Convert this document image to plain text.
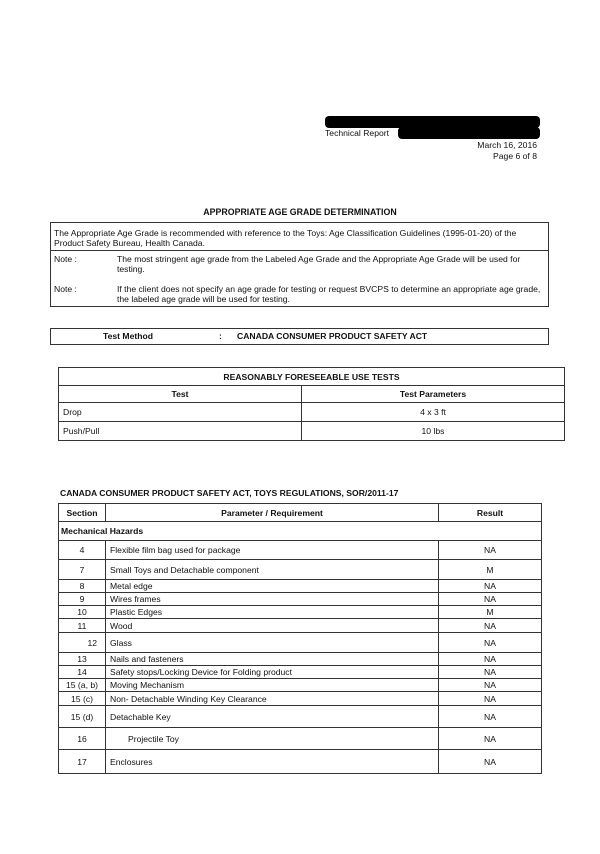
Technical Report
March 16, 2016
Page 6 of 8
APPROPRIATE AGE GRADE DETERMINATION
The Appropriate Age Grade is recommended with reference to the Toys: Age Classification Guidelines (1995-01-20) of the Product Safety Bureau, Health Canada.
Note :	The most stringent age grade from the Labeled Age Grade and the Appropriate Age Grade will be used for testing.
Note :	If the client does not specify an age grade for testing or request BVCPS to determine an appropriate age grade, the labeled age grade will be used for testing.
Test Method	: CANADA CONSUMER PRODUCT SAFETY ACT
REASONABLY FORESEEABLE USE TESTS	
Test	Test Parameters
Drop	4 x 3 ft
Push/Pull	10 lbs
CANADA CONSUMER PRODUCT SAFETY ACT, TOYS REGULATIONS, SOR/2011-17
Section	Parameter / Requirement	Result
Mechanical Hazards		
4	Flexible film bag used for package	NA
7	Small Toys and Detachable component	M
8	Metal edge	NA
9	Wires frames	NA
10	Plastic Edges	M
11	Wood	NA
12	Glass	NA
13	Nails and fasteners	NA
14	Safety stops/Locking Device for Folding product	NA
15 (a, b)	Moving Mechanism	NA
15 (c)	Non- Detachable Winding Key Clearance	NA
15 (d)	Detachable Key	NA
16	Projectile Toy	NA
17	Enclosures	NA
